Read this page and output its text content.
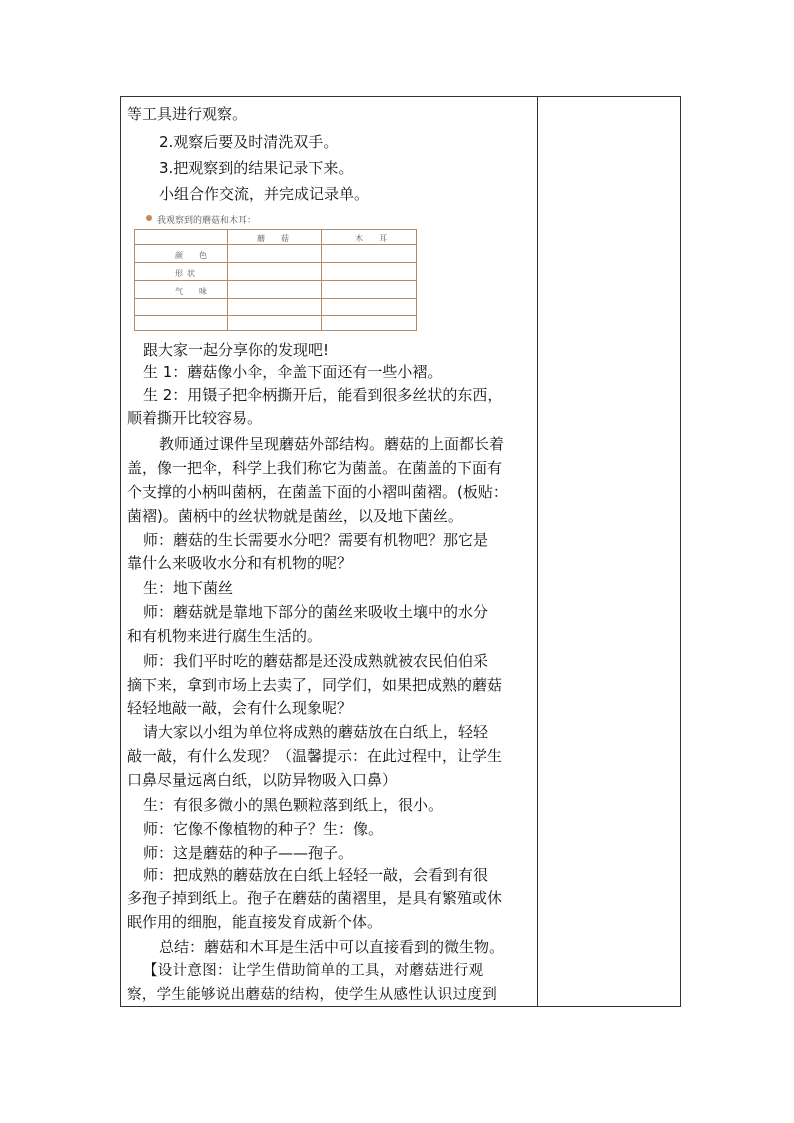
等工具进行观察。
2.观察后要及时清洗双手。
3.把观察到的结果记录下来。
小组合作交流，并完成记录单。
我观察到的蘑菇和木耳：
蘑　菇	木　耳
颜　色
形状
气　味
跟大家一起分享你的发现吧!
生 1：蘑菇像小伞，伞盖下面还有一些小褶。
生 2：用镊子把伞柄撕开后，能看到很多丝状的东西，
顺着撕开比较容易。
教师通过课件呈现蘑菇外部结构。蘑菇的上面都长着
盖，像一把伞，科学上我们称它为菌盖。在菌盖的下面有
个支撑的小柄叫菌柄，在菌盖下面的小褶叫菌褶。(板贴：
菌褶)。菌柄中的丝状物就是菌丝，以及地下菌丝。
师：蘑菇的生长需要水分吧？需要有机物吧？那它是
靠什么来吸收水分和有机物的呢？
生：地下菌丝
师：蘑菇就是靠地下部分的菌丝来吸收土壤中的水分
和有机物来进行腐生生活的。
师：我们平时吃的蘑菇都是还没成熟就被农民伯伯采
摘下来，拿到市场上去卖了，同学们，如果把成熟的蘑菇
轻轻地敲一敲，会有什么现象呢？
请大家以小组为单位将成熟的蘑菇放在白纸上，轻轻
敲一敲，有什么发现？（温馨提示：在此过程中，让学生
口鼻尽量远离白纸，以防异物吸入口鼻）
生：有很多微小的黑色颗粒落到纸上，很小。
师：它像不像植物的种子？生：像。
师：这是蘑菇的种子——孢子。
师：把成熟的蘑菇放在白纸上轻轻一敲，会看到有很
多孢子掉到纸上。孢子在蘑菇的菌褶里，是具有繁殖或休
眠作用的细胞，能直接发育成新个体。
总结：蘑菇和木耳是生活中可以直接看到的微生物。
【设计意图：让学生借助简单的工具，对蘑菇进行观
察，学生能够说出蘑菇的结构，使学生从感性认识过度到
